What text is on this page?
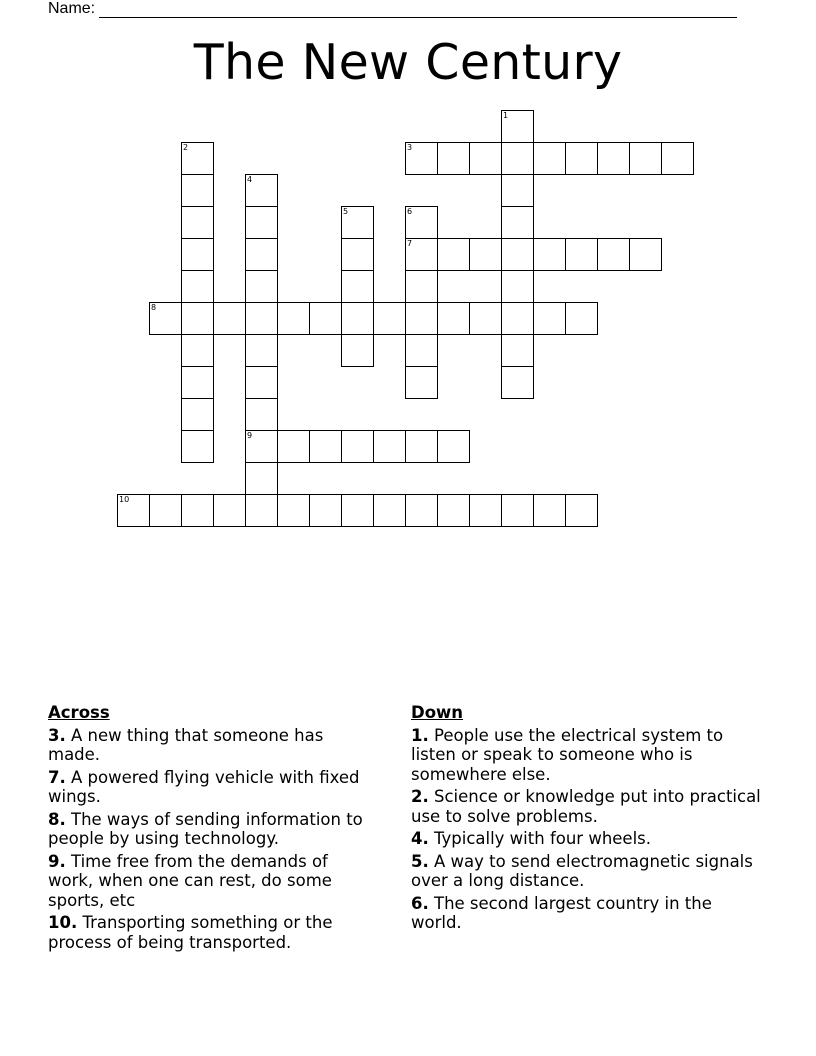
Name:
The New Century
1
2	3
4
5	6
7
8
9
10
Across
3. A new thing that someone has made.
7. A powered flying vehicle with fixed wings.
8. The ways of sending information to people by using technology.
9. Time free from the demands of work, when one can rest, do some sports, etc
10. Transporting something or the process of being transported.
Down
1. People use the electrical system to listen or speak to someone who is somewhere else.
2. Science or knowledge put into practical use to solve problems.
4. Typically with four wheels.
5. A way to send electromagnetic signals over a long distance.
6. The second largest country in the world.
